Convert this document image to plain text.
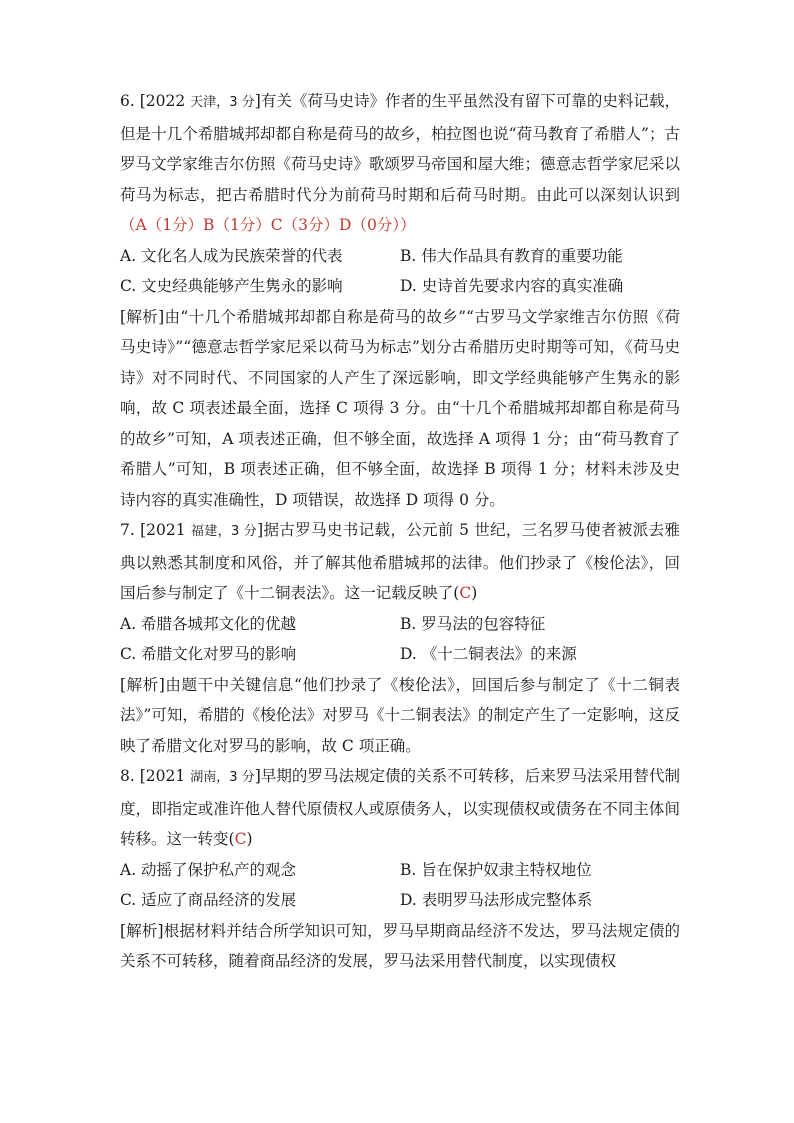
6. [2022 天津，3 分]有关《荷马史诗》作者的生平虽然没有留下可靠的史料记载，但是十几个希腊城邦却都自称是荷马的故乡，柏拉图也说“荷马教育了希腊人”；古罗马文学家维吉尔仿照《荷马史诗》歌颂罗马帝国和屋大维；德意志哲学家尼采以荷马为标志，把古希腊时代分为前荷马时期和后荷马时期。由此可以深刻认识到（A（1分）B（1分）C（3分）D（0分））

A. 文化名人成为民族荣誉的代表	B. 伟大作品具有教育的重要功能
C. 文史经典能够产生隽永的影响	D. 史诗首先要求内容的真实准确

[解析]由“十几个希腊城邦却都自称是荷马的故乡”“古罗马文学家维吉尔仿照《荷马史诗》”“德意志哲学家尼采以荷马为标志”划分古希腊历史时期等可知，《荷马史诗》对不同时代、不同国家的人产生了深远影响，即文学经典能够产生隽永的影响，故 C 项表述最全面，选择 C 项得 3 分。由“十几个希腊城邦却都自称是荷马的故乡”可知，A 项表述正确，但不够全面，故选择 A 项得 1 分；由“荷马教育了希腊人”可知，B 项表述正确，但不够全面，故选择 B 项得 1 分；材料未涉及史诗内容的真实准确性，D 项错误，故选择 D 项得 0 分。

7. [2021 福建，3 分]据古罗马史书记载，公元前 5 世纪，三名罗马使者被派去雅典以熟悉其制度和风俗，并了解其他希腊城邦的法律。他们抄录了《梭伦法》，回国后参与制定了《十二铜表法》。这一记载反映了(C)

A. 希腊各城邦文化的优越	B. 罗马法的包容特征
C. 希腊文化对罗马的影响	D. 《十二铜表法》的来源

[解析]由题干中关键信息“他们抄录了《梭伦法》，回国后参与制定了《十二铜表法》”可知，希腊的《梭伦法》对罗马《十二铜表法》的制定产生了一定影响，这反映了希腊文化对罗马的影响，故 C 项正确。

8. [2021 湖南，3 分]早期的罗马法规定债的关系不可转移，后来罗马法采用替代制度，即指定或准许他人替代原债权人或原债务人，以实现债权或债务在不同主体间转移。这一转变(C)

A. 动摇了保护私产的观念	B. 旨在保护奴隶主特权地位
C. 适应了商品经济的发展	D. 表明罗马法形成完整体系

[解析]根据材料并结合所学知识可知，罗马早期商品经济不发达，罗马法规定债的关系不可转移，随着商品经济的发展，罗马法采用替代制度，以实现债权
